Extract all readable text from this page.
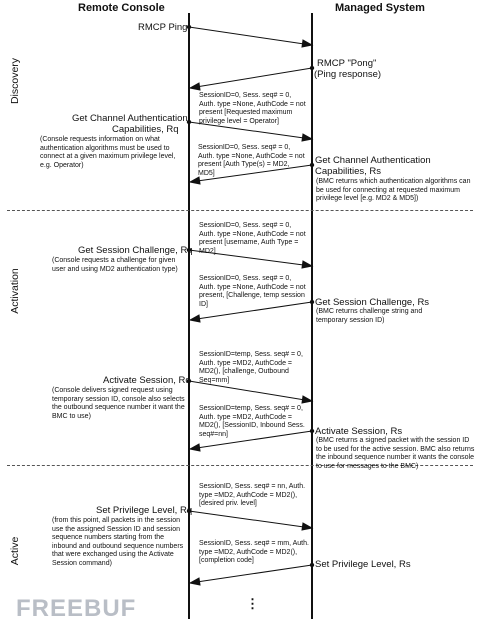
Remote Console	Managed System
Discovery
Activation
Active
RMCP Ping
RMCP "Pong"
(Ping response)
SessionID=0, Sess. seq# = 0, Auth. type =None, AuthCode = not present [Requested maximum privilege level = Operator]
Get Channel Authentication
Capabilities, Rq
(Console requests information on what authentication algorithms must be used to connect at a given maximum privilege level, e.g. Operator)
SessionID=0, Sess. seq# = 0, Auth. type =None, AuthCode = not present [Auth Type(s) = MD2, MD5]
Get Channel Authentication
Capabilities, Rs
(BMC returns which authentication algorithms can be used for connecting at requested maximum privilege level [e.g. MD2 & MD5])
SessionID=0, Sess. seq# = 0, Auth. type =None, AuthCode = not present [username, Auth Type = MD2]
Get Session Challenge, Rq
(Console requests a challenge for given user and using MD2 authentication type)
SessionID=0, Sess. seq# = 0, Auth. type =None, AuthCode = not present, [Challenge, temp session ID]	Get Session Challenge, Rs
(BMC returns challenge string and temporary session ID)
SessionID=temp, Sess. seq# = 0, Auth. type =MD2, AuthCode = MD2(), [challenge, Outbound Seq=mm]
Activate Session, Rq
(Console delivers signed request using temporary session ID, console also selects the outbound sequence number it want the BMC to use)
SessionID=temp, Sess. seq# = 0, Auth. type =MD2, AuthCode = MD2(), [SessionID, Inbound Sess. seq#=nn]	Activate Session, Rs
(BMC returns a signed packet with the session ID to be used for the active session. BMC also returns the inbound sequence number it wants the console to use for messages to the BMC)
SessionID, Sess. seq# = nn, Auth. type =MD2, AuthCode = MD2(), [desired priv. level]
Set Privilege Level, Rq
(from this point, all packets in the session use the assigned Session ID and session sequence numbers starting from the inbound and outbound sequence numbers that were exchanged using the Activate Session command)
SessionID, Sess. seq# = mm, Auth. type =MD2, AuthCode = MD2(), [completion code]	Set Privilege Level, Rs
⋮
FREEBUF
